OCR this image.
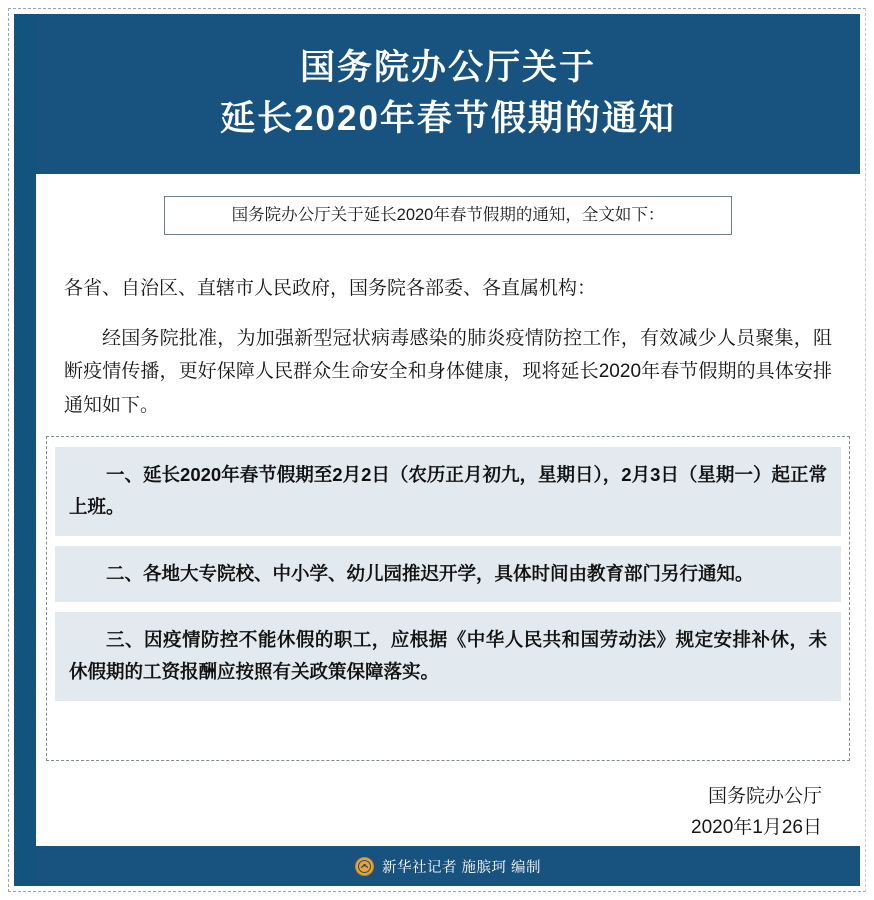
国务院办公厅关于
延长2020年春节假期的通知
国务院办公厅关于延长2020年春节假期的通知，全文如下：
各省、自治区、直辖市人民政府，国务院各部委、各直属机构：
经国务院批准，为加强新型冠状病毒感染的肺炎疫情防控工作，有效减少人员聚集，阻断疫情传播，更好保障人民群众生命安全和身体健康，现将延长2020年春节假期的具体安排通知如下。
一、延长2020年春节假期至2月2日（农历正月初九，星期日），2月3日（星期一）起正常上班。
二、各地大专院校、中小学、幼儿园推迟开学，具体时间由教育部门另行通知。
三、因疫情防控不能休假的职工，应根据《中华人民共和国劳动法》规定安排补休，未休假期的工资报酬应按照有关政策保障落实。
国务院办公厅
2020年1月26日
新华社记者 施膑珂 编制
